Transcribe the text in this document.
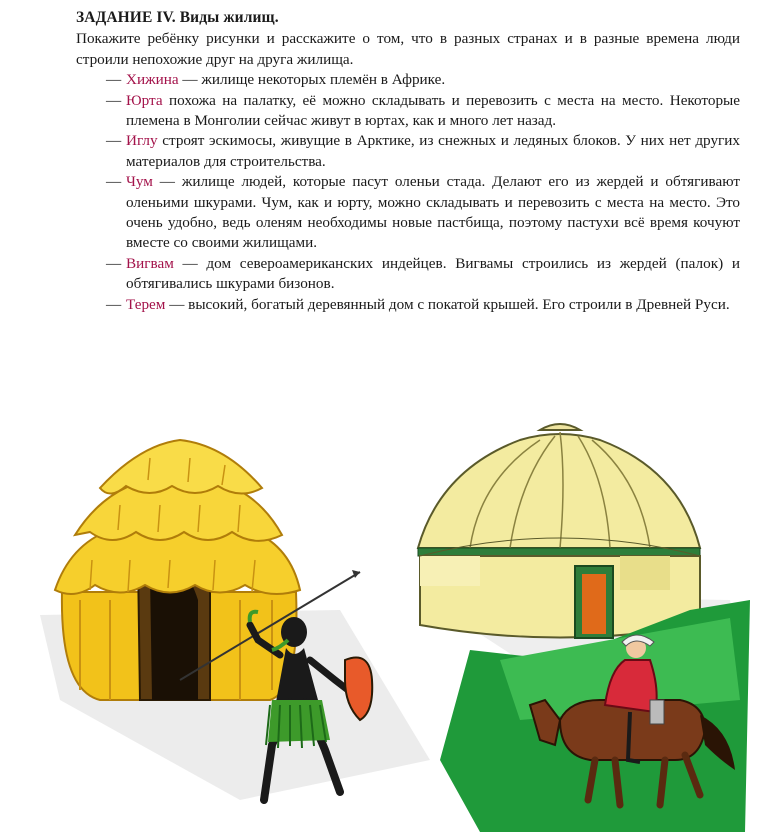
ЗАДАНИЕ IV. Виды жилищ.

Покажите ребёнку рисунки и расскажите о том, что в разных странах и в разные времена люди строили непохожие друг на друга жилища.

— Хижина — жилище некоторых племён в Африке.
— Юрта похожа на палатку, её можно складывать и перевозить с места на место. Некоторые племена в Монголии сейчас живут в юртах, как и много лет назад.
— Иглу строят эскимосы, живущие в Арктике, из снежных и ледяных блоков. У них нет других материалов для строительства.
— Чум — жилище людей, которые пасут оленьи стада. Делают его из жердей и обтягивают оленьими шкурами. Чум, как и юрту, можно складывать и перевозить с места на место. Это очень удобно, ведь оленям необходимы новые пастбища, поэтому пастухи всё время кочуют вместе со своими жилищами.
— Вигвам — дом североамериканских индейцев. Вигвамы строились из жердей (палок) и обтягивались шкурами бизонов.
— Терем — высокий, богатый деревянный дом с покатой крышей. Его строили в Древней Руси.
